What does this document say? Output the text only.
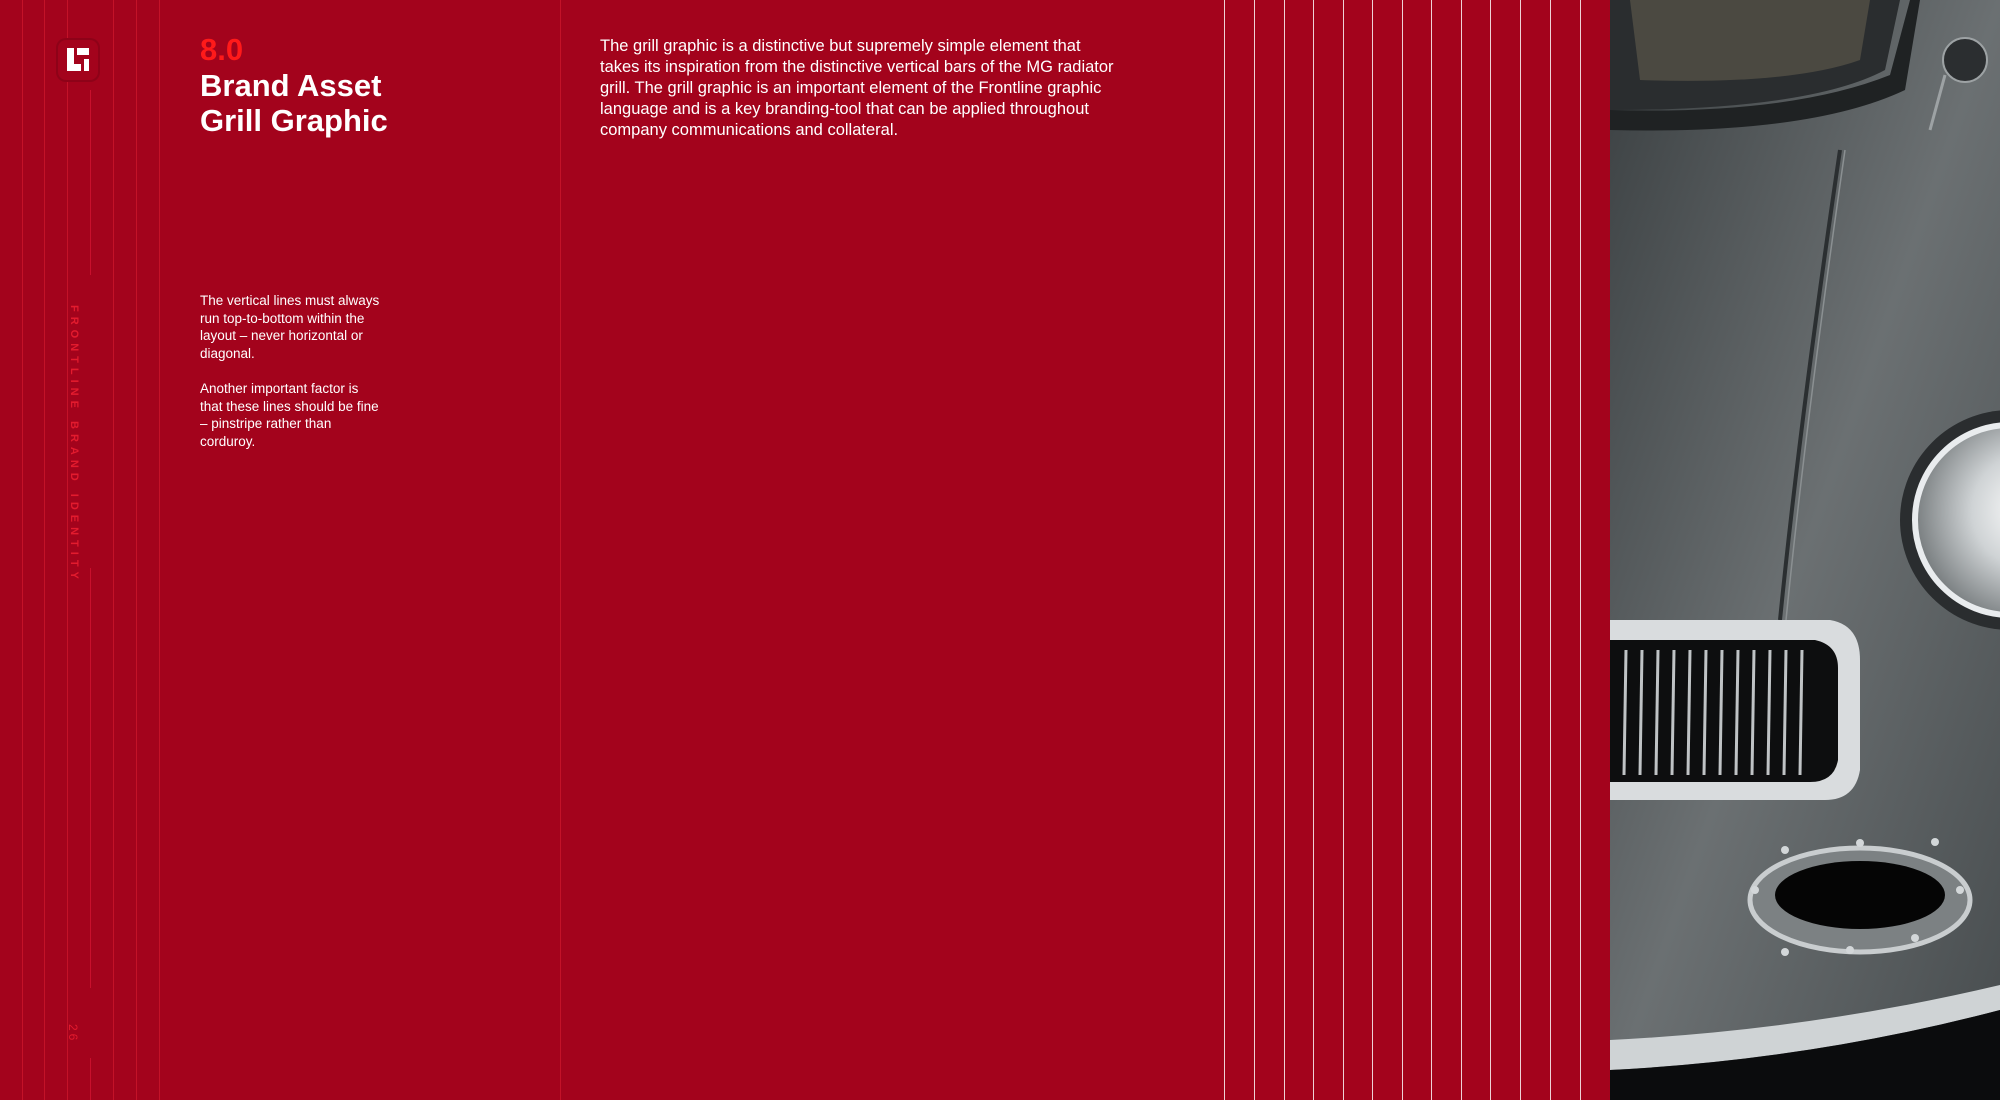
FRONTLINE BRAND IDENTITY
26
8.0
Brand Asset
Grill Graphic

The vertical lines must always run top-to-bottom within the layout – never horizontal or diagonal.

Another important factor is that these lines should be fine – pinstripe rather than corduroy.

The grill graphic is a distinctive but supremely simple element that takes its inspiration from the distinctive vertical bars of the MG radiator grill. The grill graphic is an important element of the Frontline graphic language and is a key branding-tool that can be applied throughout company communications and collateral.
